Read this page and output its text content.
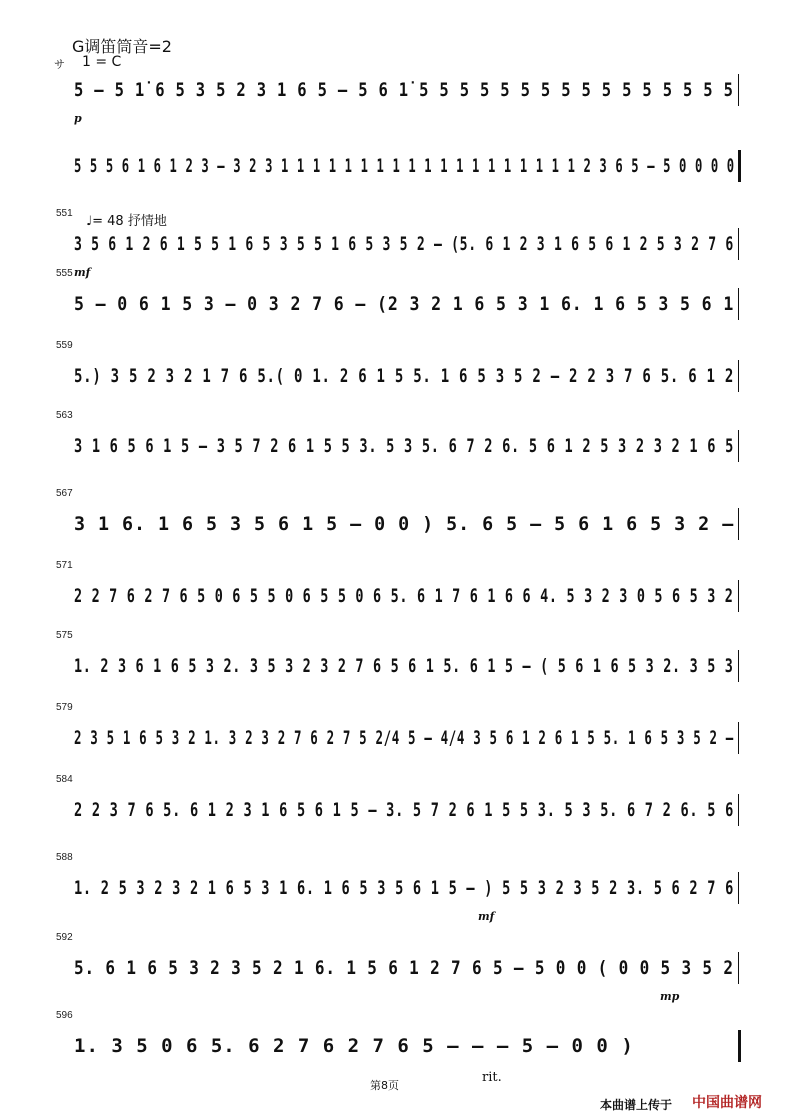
G调笛筒音=2
サ 1 = C
5 – 5 1̇ 6 5 3 5 2 3 1 6 5 – 5 6 1̇ 5 5 5 5 5 5 5 5 5 5 5 5 5 5 5 5
p
5 5 5 6 1 6 1 2 3 – 3 2 3 1 1 1 1 1 1 1 1 1 1 1 1 1 1 1 1 1 1 1 2 3 6 5 – 5 0 0 0 0
551
♩= 48 抒情地
3 5 6 1 2 6 1 5 5 1 6 5 3 5 5 1 6 5 3 5 2 – (5. 6 1 2 3 1 6 5 6 1 2 5 3 2 7 6
mf
555
5 – 0 6 1 5 3 – 0 3 2 7 6 – (2 3 2 1 6 5 3 1 6. 1 6 5 3 5 6 1
559
5.) 3 5 2 3 2 1 7 6 5.( 0 1. 2 6 1 5 5. 1 6 5 3 5 2 – 2 2 3 7 6 5. 6 1 2
563
3 1 6 5 6 1 5 – 3 5 7 2 6 1 5 5 3. 5 3 5. 6 7 2 6. 5 6 1 2 5 3 2 3 2 1 6 5
567
3 1 6. 1 6 5 3 5 6 1 5 – 0 0 ) 5. 6 5 – 5 6 1 6 5 3 2 –
571
2 2 7 6 2 7 6 5 0 6 5 5 0 6 5 5 0 6 5. 6 1 7 6 1 6 6 4. 5 3 2 3 0 5 6 5 3 2
575
1. 2 3 6 1 6 5 3 2. 3 5 3 2 3 2 7 6 5 6 1 5. 6 1 5 – ( 5 6 1 6 5 3 2. 3 5 3
579
2 3 5 1 6 5 3 2 1. 3 2 3 2 7 6 2 7 5 2/4 5 – 4/4 3 5 6 1 2 6 1 5 5. 1 6 5 3 5 2 –
584
2 2 3 7 6 5. 6 1 2 3 1 6 5 6 1 5 – 3. 5 7 2 6 1 5 5 3. 5 3 5. 6 7 2 6. 5 6
588
1. 2 5 3 2 3 2 1 6 5 3 1 6. 1 6 5 3 5 6 1 5 – ) 5 5 3 2 3 5 2 3. 5 6 2 7 6
mf
592
5. 6 1 6 5 3 2 3 5 2 1 6. 1 5 6 1 2 7 6 5 – 5 0 0 ( 0 0 5 3 5 2
mp
596
1. 3 5 0 6 5. 6 2 7 6 2 7 6 5 – – – 5 – 0 0 )
rit.
第8页
本曲谱上传于 中国曲谱网
